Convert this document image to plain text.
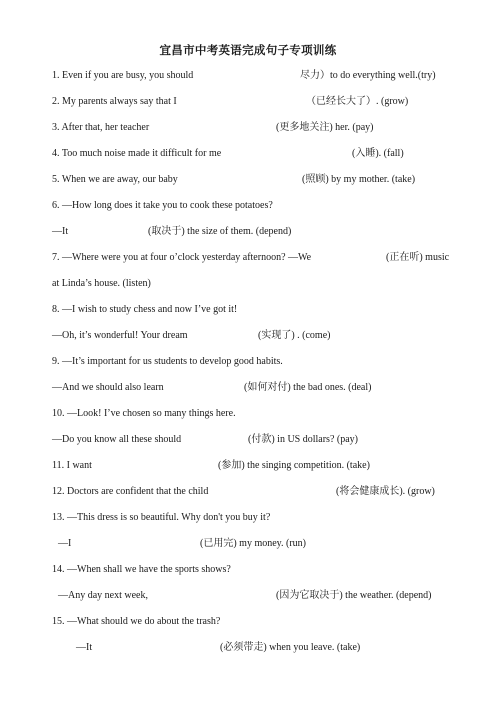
宜昌市中考英语完成句子专项训练
1. Even if you are busy, you should	尽力）to do everything well.(try)
2. My parents always say that I	（已经长大了）. (grow)
3. After that, her teacher	(更多地关注) her. (pay)
4. Too much noise made it difficult for me	(入睡). (fall)
5. When we are away, our baby	(照顾) by my mother. (take)
6. —How long does it take you to cook these potatoes?
—It	(取决于) the size of them. (depend)
7. —Where were you at four o’clock yesterday afternoon? —We	(正在听) music
at Linda’s house. (listen)
8. —I wish to study chess and now I’ve got it!
—Oh, it’s wonderful! Your dream	(实现了) . (come)
9. —It’s important for us students to develop good habits.
—And we should also learn	(如何对付) the bad ones. (deal)
10. —Look! I’ve chosen so many things here.
—Do you know all these should	(付款) in US dollars? (pay)
11. I want	(参加) the singing competition. (take)
12. Doctors are confident that the child	(将会健康成长). (grow)
13. —This dress is so beautiful. Why don't you buy it?
—I	(已用完) my money. (run)
14. —When shall we have the sports shows?
—Any day next week,	(因为它取决于) the weather. (depend)
15. —What should we do about the trash?
—It	(必须带走) when you leave. (take)
